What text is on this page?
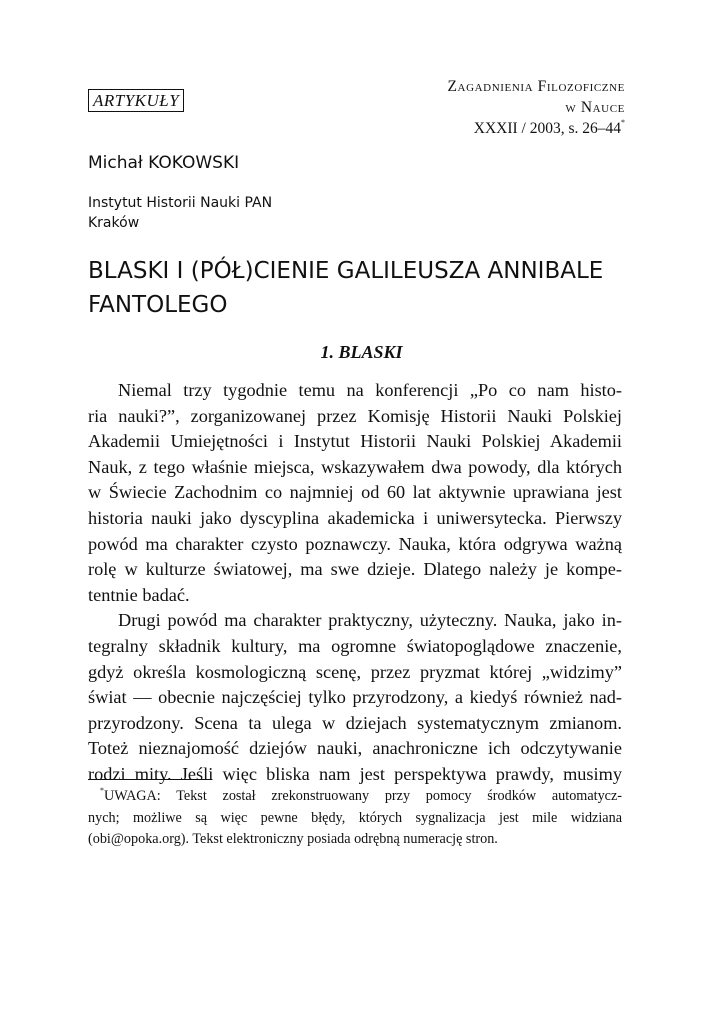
ARTYKUŁY
Zagadnienia Filozoficzne
w Nauce
XXXII / 2003, s. 26–44*
Michał KOKOWSKI
Instytut Historii Nauki PAN
Kraków
BLASKI I (PÓŁ)CIENIE GALILEUSZA ANNIBALE
FANTOLEGO
1. BLASKI
Niemal trzy tygodnie temu na konferencji „Po co nam histo-
ria nauki?”, zorganizowanej przez Komisję Historii Nauki Polskiej
Akademii Umiejętności i Instytut Historii Nauki Polskiej Akademii
Nauk, z tego właśnie miejsca, wskazywałem dwa powody, dla których
w Świecie Zachodnim co najmniej od 60 lat aktywnie uprawiana jest
historia nauki jako dyscyplina akademicka i uniwersytecka. Pierwszy
powód ma charakter czysto poznawczy. Nauka, która odgrywa ważną
rolę w kulturze światowej, ma swe dzieje. Dlatego należy je kompe-
tentnie badać.
Drugi powód ma charakter praktyczny, użyteczny. Nauka, jako in-
tegralny składnik kultury, ma ogromne światopoglądowe znaczenie,
gdyż określa kosmologiczną scenę, przez pryzmat której „widzimy”
świat — obecnie najczęściej tylko przyrodzony, a kiedyś również nad-
przyrodzony. Scena ta ulega w dziejach systematycznym zmianom.
Toteż nieznajomość dziejów nauki, anachroniczne ich odczytywanie
rodzi mity. Jeśli więc bliska nam jest perspektywa prawdy, musimy
*UWAGA: Tekst został zrekonstruowany przy pomocy środków automatycz-
nych; możliwe są więc pewne błędy, których sygnalizacja jest mile widziana
(obi@opoka.org). Tekst elektroniczny posiada odrębną numerację stron.
